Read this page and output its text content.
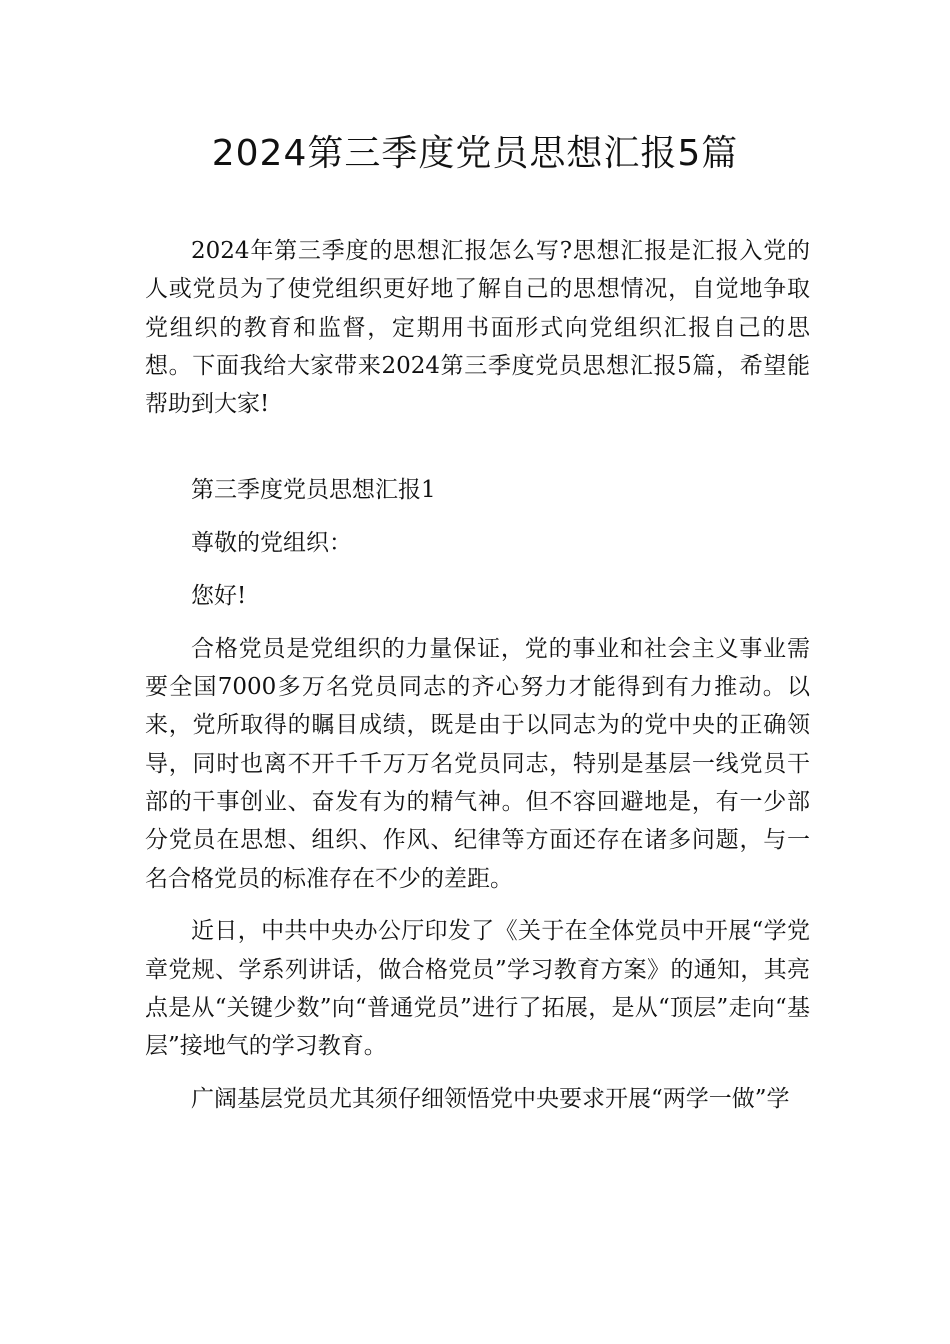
2024第三季度党员思想汇报5篇

2024年第三季度的思想汇报怎么写?思想汇报是汇报入党的人或党员为了使党组织更好地了解自己的思想情况，自觉地争取党组织的教育和监督，定期用书面形式向党组织汇报自己的思想。下面我给大家带来2024第三季度党员思想汇报5篇，希望能帮助到大家!

第三季度党员思想汇报1

尊敬的党组织：

您好!

合格党员是党组织的力量保证，党的事业和社会主义事业需要全国7000多万名党员同志的齐心努力才能得到有力推动。以来，党所取得的瞩目成绩，既是由于以同志为的党中央的正确领导，同时也离不开千千万万名党员同志，特别是基层一线党员干部的干事创业、奋发有为的精气神。但不容回避地是，有一少部分党员在思想、组织、作风、纪律等方面还存在诸多问题，与一名合格党员的标准存在不少的差距。

近日，中共中央办公厅印发了《关于在全体党员中开展“学党章党规、学系列讲话，做合格党员”学习教育方案》的通知，其亮点是从“关键少数”向“普通党员”进行了拓展，是从“顶层”走向“基层”接地气的学习教育。

广阔基层党员尤其须仔细领悟党中央要求开展“两学一做”学
